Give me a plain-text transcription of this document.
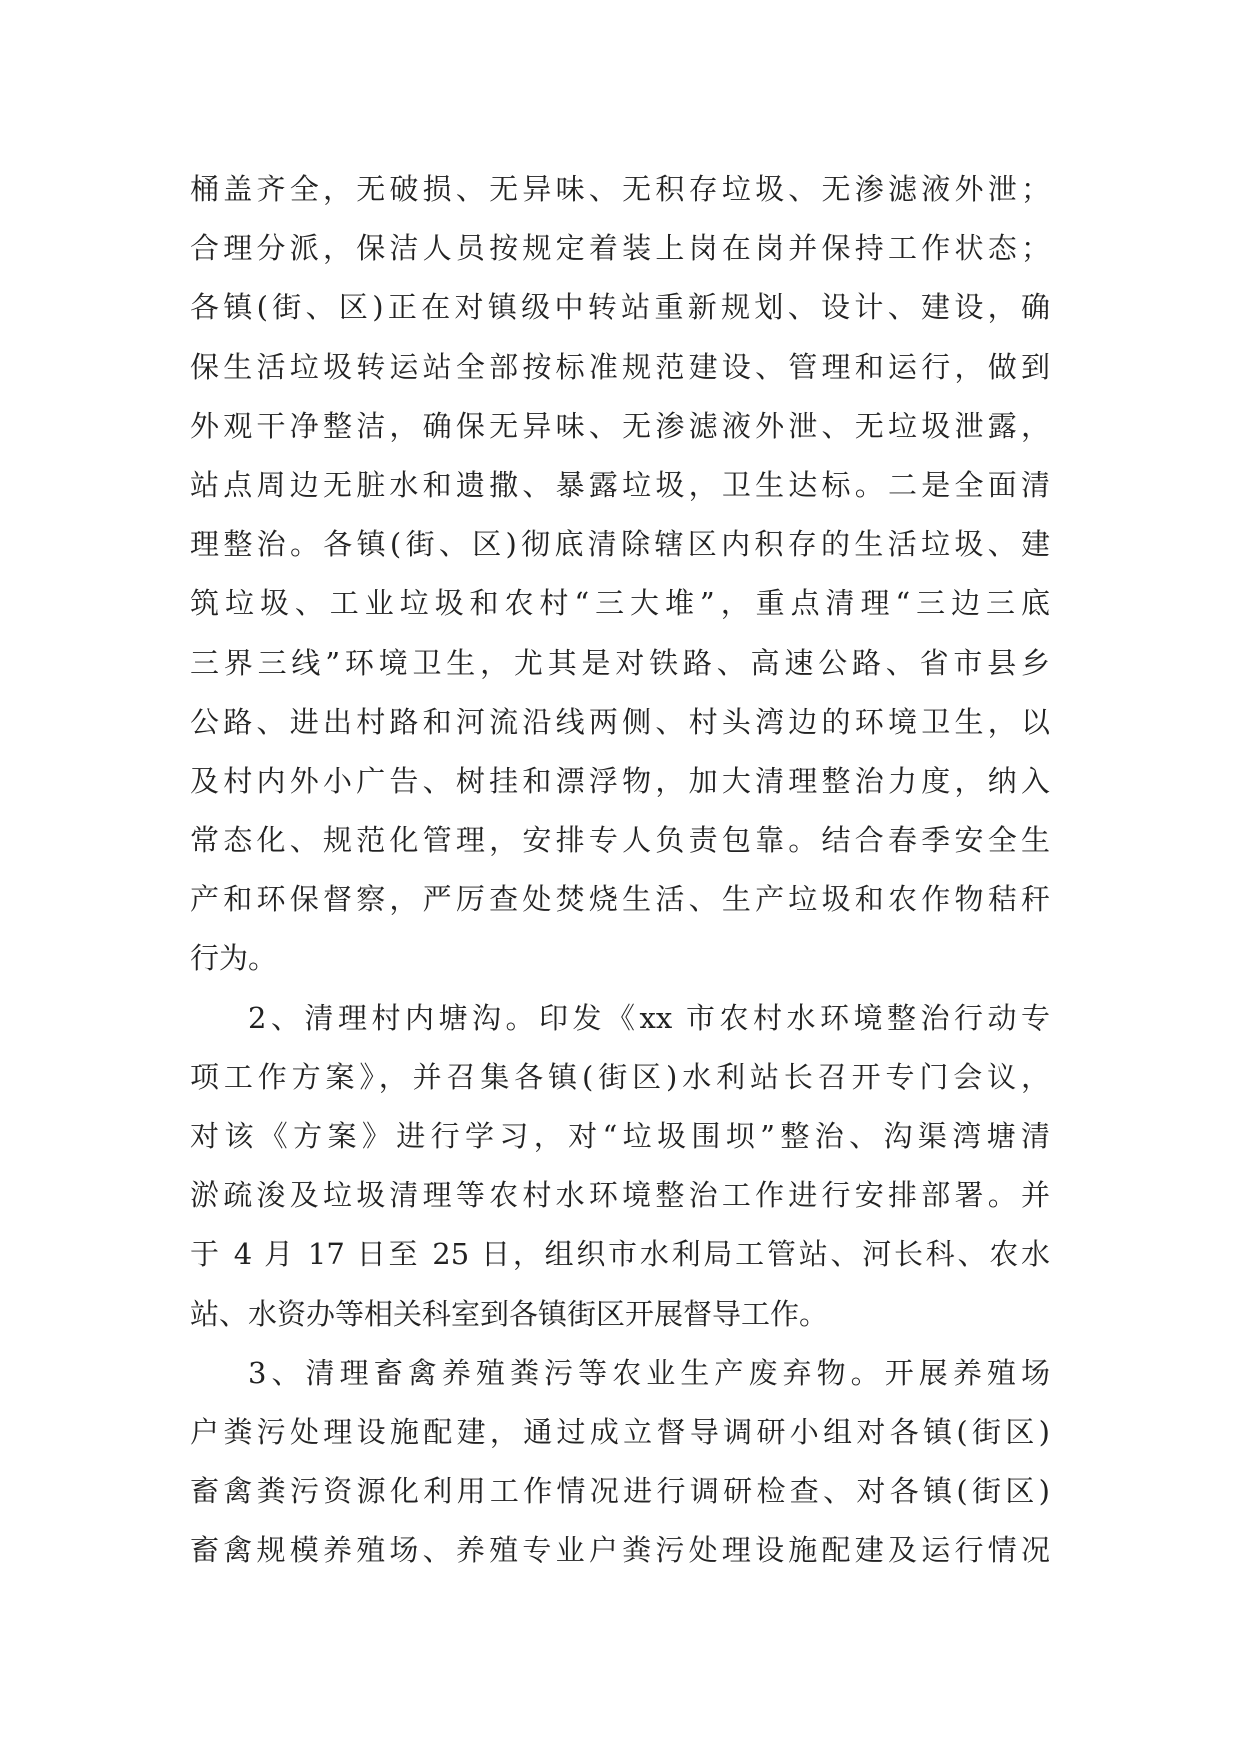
桶盖齐全，无破损、无异味、无积存垃圾、无渗滤液外泄；
合理分派，保洁人员按规定着装上岗在岗并保持工作状态；
各镇(街、区)正在对镇级中转站重新规划、设计、建设，确
保生活垃圾转运站全部按标准规范建设、管理和运行，做到
外观干净整洁，确保无异味、无渗滤液外泄、无垃圾泄露，
站点周边无脏水和遗撒、暴露垃圾，卫生达标。二是全面清
理整治。各镇(街、区)彻底清除辖区内积存的生活垃圾、建
筑垃圾、工业垃圾和农村“三大堆”，重点清理“三边三底
三界三线”环境卫生，尤其是对铁路、高速公路、省市县乡
公路、进出村路和河流沿线两侧、村头湾边的环境卫生，以
及村内外小广告、树挂和漂浮物，加大清理整治力度，纳入
常态化、规范化管理，安排专人负责包靠。结合春季安全生
产和环保督察，严厉查处焚烧生活、生产垃圾和农作物秸秆
行为。
2、清理村内塘沟。印发《xx 市农村水环境整治行动专
项工作方案》，并召集各镇(街区)水利站长召开专门会议，
对该《方案》进行学习，对“垃圾围坝”整治、沟渠湾塘清
淤疏浚及垃圾清理等农村水环境整治工作进行安排部署。并
于 4 月 17 日至 25 日，组织市水利局工管站、河长科、农水
站、水资办等相关科室到各镇街区开展督导工作。
3、清理畜禽养殖粪污等农业生产废弃物。开展养殖场
户粪污处理设施配建，通过成立督导调研小组对各镇(街区)
畜禽粪污资源化利用工作情况进行调研检查、对各镇(街区)
畜禽规模养殖场、养殖专业户粪污处理设施配建及运行情况
